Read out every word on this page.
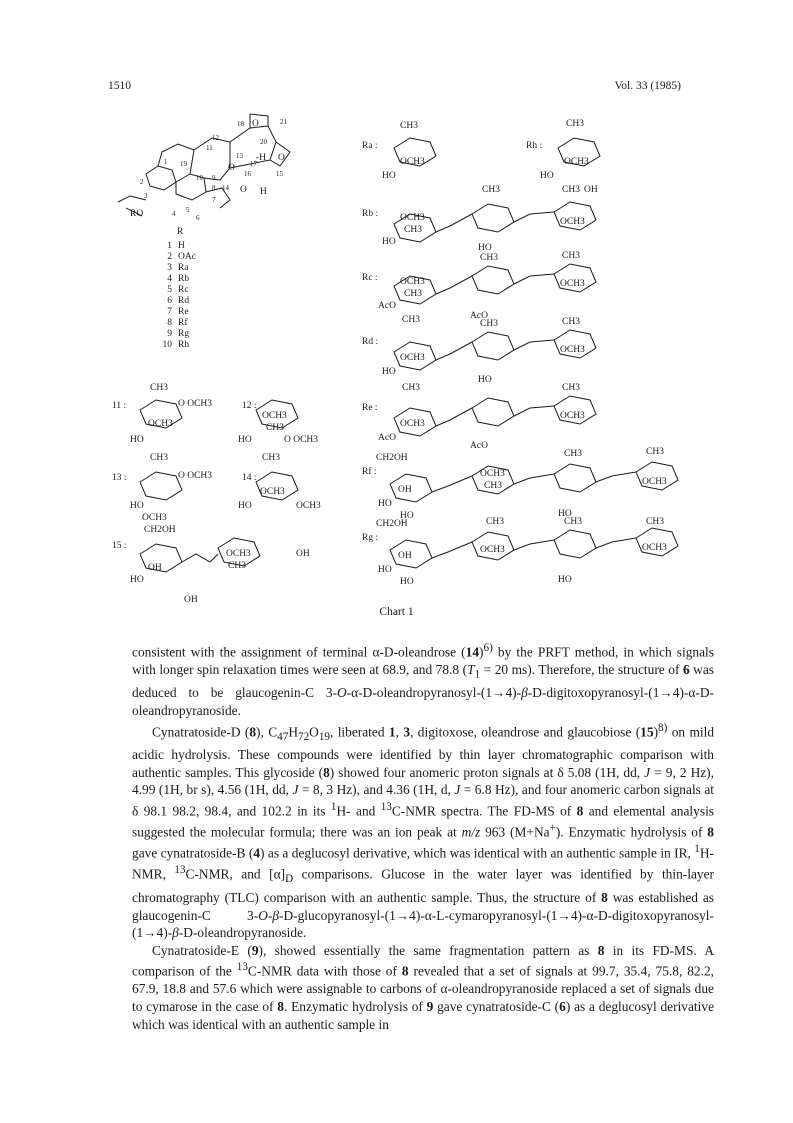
1510	Vol. 33 (1985)
18 O	21
12	20
11
13 -H
17
O
1 19	O
16	15
10 9
8 14 O H
2
3	7
4 5
6
RO
R
1 H
2 OAc
3 Ra
4 Rb
5 Rc
6 Rd
7 Re
8 Rf
9 Rg
10 Rh
11 :
CH3
O OCH3
OCH3
HO
12 :
OCH3
CH3
HO	O OCH3
13 :
CH3
O OCH3
HO
OCH3
14 :
CH3
OCH3
HO	OCH3
15 :
CH2OH
OH
HO
OH
OCH3
CH3
OH
Ra :
CH3
OCH3
HO
Rh :
CH3
OCH3
HO
Rb :
CH3	CH3 OH
OCH3
CH3
OCH3
HO
HO
Rc :
CH3	CH3
OCH3
CH3
OCH3
AcO
AcO
Rd :
CH3	CH3	CH3
OCH3
OCH3
HO
HO
Re :
CH3	CH3
OCH3
OCH3
AcO
AcO
Rf :
CH2OH	CH3	CH3
OH
OCH3
CH3	OCH3
HO
HO	HO
Rg :
CH2OH	CH3	CH3	CH3
OH
OCH3	OCH3
HO
HO	HO
Chart 1

consistent with the assignment of terminal α-D-oleandrose $(14)^{6)}$ by the PRFT method, in which signals with longer spin relaxation times were seen at 68.9, and 78.8 ($T_1 = 20$ ms). Therefore, the structure of 6 was deduced to be glaucogenin-C 3-O-α-D-oleandropyranosyl-(1→4)-β-D-digitoxopyranosyl-(1→4)-α-D-oleandropyranoside.

Cynatratoside-D (8), $C_{47}H_{72}O_{19}$, liberated 1, 3, digitoxose, oleandrose and glaucobiose $(15)^{8)}$ on mild acidic hydrolysis. These compounds were identified by thin layer chromatographic comparison with authentic samples. This glycoside (8) showed four anomeric proton signals at δ 5.08 (1H, dd, J = 9, 2 Hz), 4.99 (1H, br s), 4.56 (1H, dd, J = 8, 3 Hz), and 4.36 (1H, d, J = 6.8 Hz), and four anomeric carbon signals at δ 98.1 98.2, 98.4, and 102.2 in its $^1$H- and $^{13}$C-NMR spectra. The FD-MS of 8 and elemental analysis suggested the molecular formula; there was an ion peak at m/z 963 (M+Na+). Enzymatic hydrolysis of 8 gave cynatratoside-B (4) as a deglucosyl derivative, which was identical with an authentic sample in IR, $^1$H-NMR, $^{13}$C-NMR, and $[\alpha]_D$ comparisons. Glucose in the water layer was identified by thin-layer chromatography (TLC) comparison with an authentic sample. Thus, the structure of 8 was established as glaucogenin-C 3-O-β-D-glucopyranosyl-(1→4)-α-L-cymaropyranosyl-(1→4)-α-D-digitoxopyranosyl-(1→4)-β-D-oleandropyranoside.

Cynatratoside-E (9), showed essentially the same fragmentation pattern as 8 in its FD-MS. A comparison of the $^{13}$C-NMR data with those of 8 revealed that a set of signals at 99.7, 35.4, 75.8, 82.2, 67.9, 18.8 and 57.6 which were assignable to carbons of α-oleandropyranoside replaced a set of signals due to cymarose in the case of 8. Enzymatic hydrolysis of 9 gave cynatratoside-C (6) as a deglucosyl derivative which was identical with an authentic sample in
